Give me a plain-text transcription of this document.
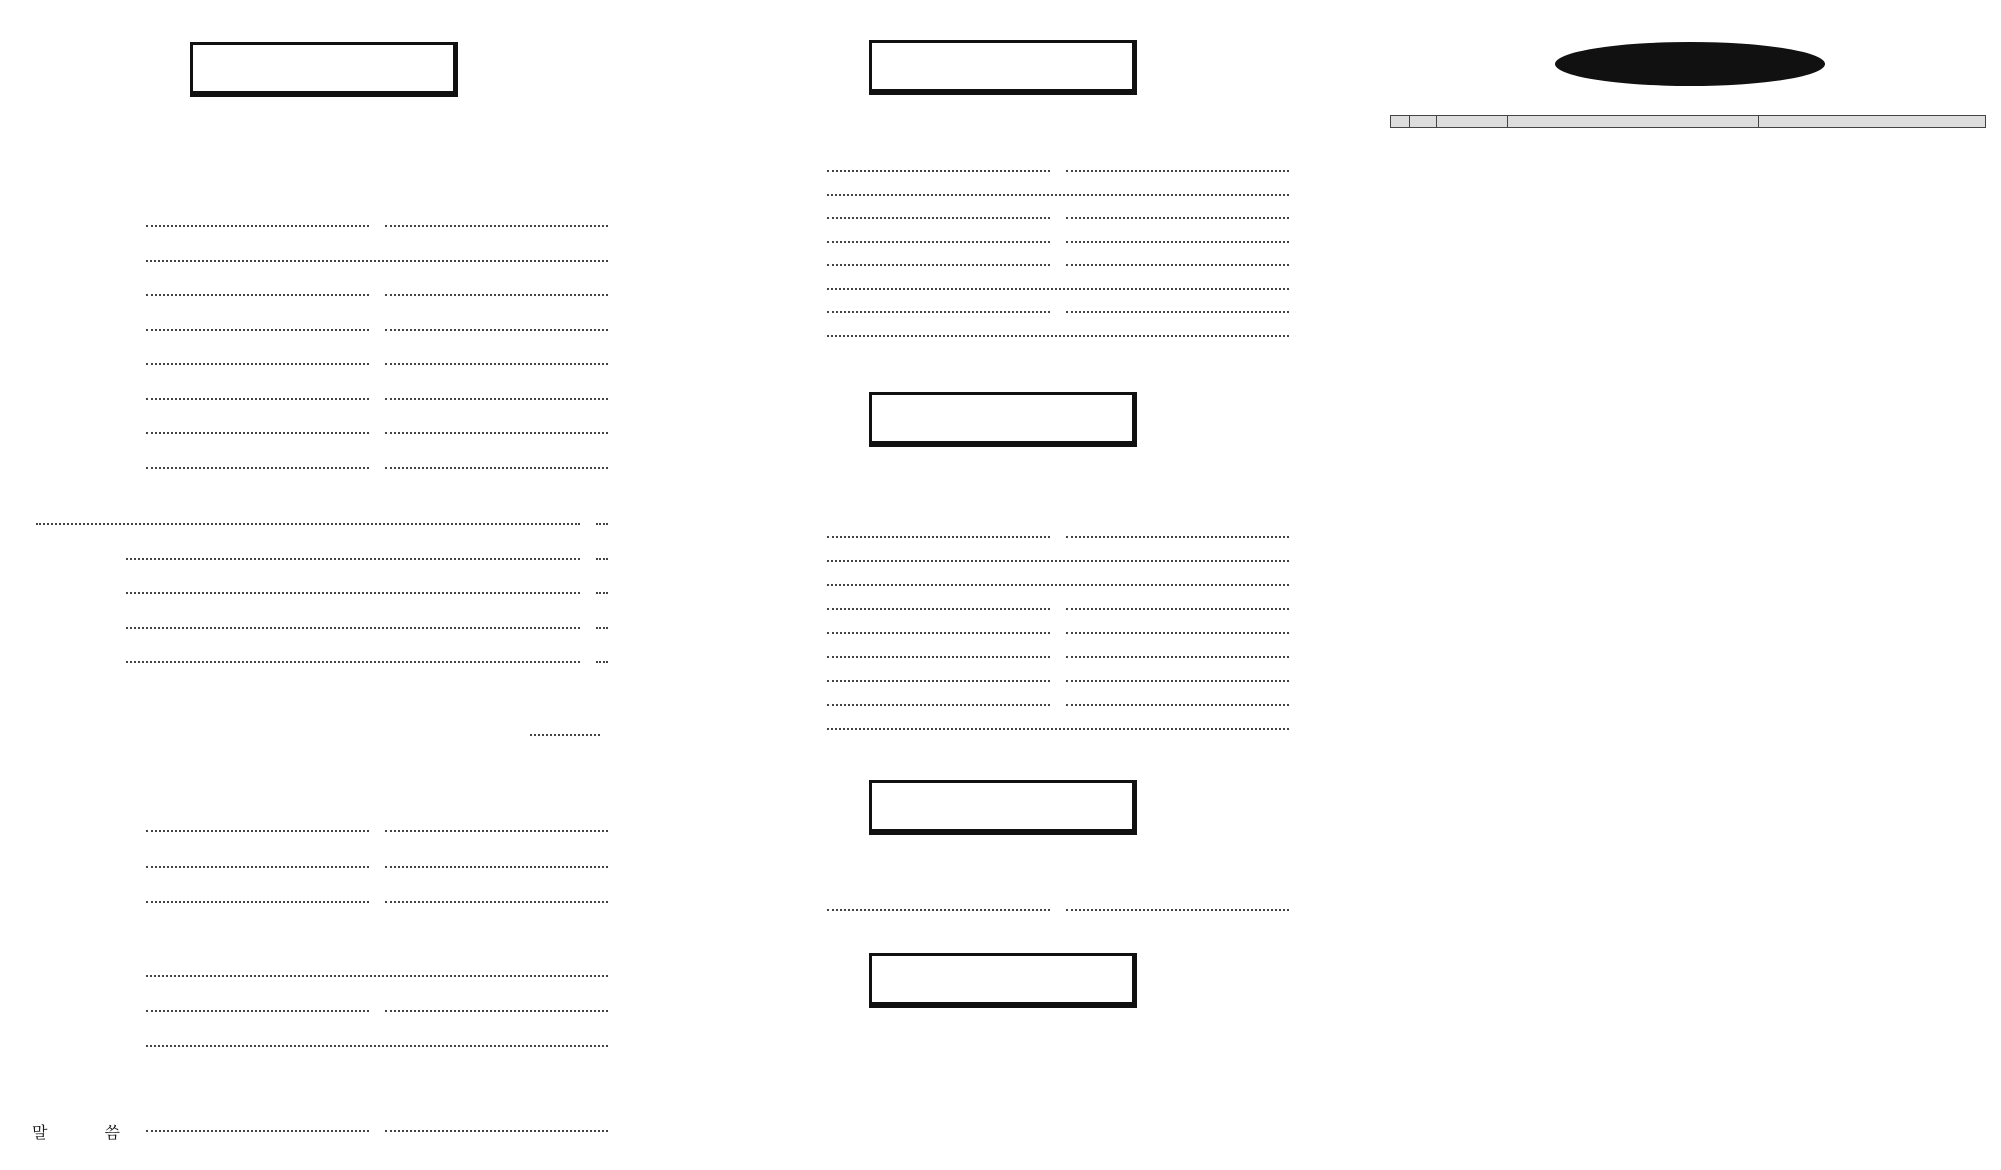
말	씀
